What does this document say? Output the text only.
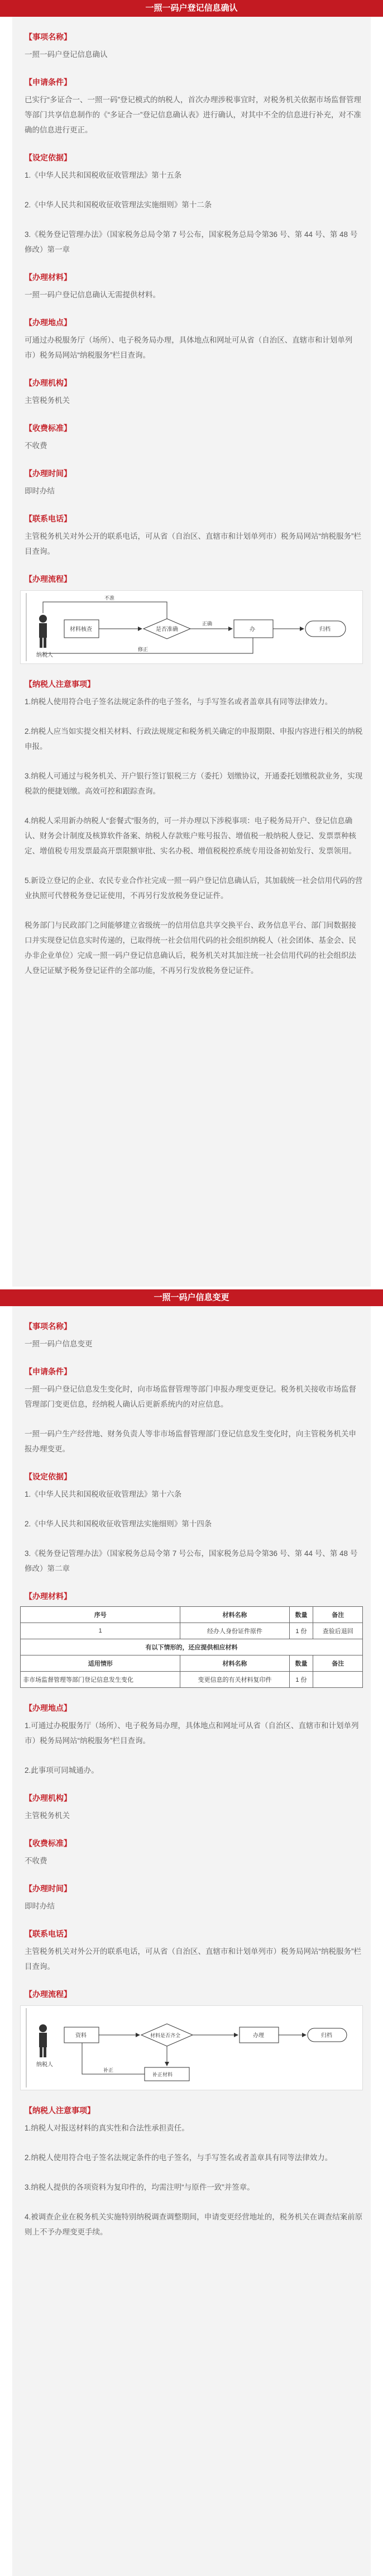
一照一码户登记信息确认
【事项名称】
一照一码户登记信息确认
【申请条件】
已实行“多证合一、一照一码”登记模式的纳税人，首次办理涉税事宜时，对税务机关依据市场监督管理等部门共享信息制作的《“多证合一”登记信息确认表》进行确认，对其中不全的信息进行补充，对不准确的信息进行更正。
【设定依据】
1.《中华人民共和国税收征收管理法》第十五条
2.《中华人民共和国税收征收管理法实施细则》第十二条
3.《税务登记管理办法》（国家税务总局令第 7 号公布，国家税务总局令第36 号、第 44 号、第 48 号修改）第一章
【办理材料】
一照一码户登记信息确认无需提供材料。
【办理地点】
可通过办税服务厅（场所）、电子税务局办理，具体地点和网址可从省（自治区、直辖市和计划单列市）税务局网站“纳税服务”栏目查询。
【办理机构】
主管税务机关
【收费标准】
不收费
【办理时间】
即时办结
【联系电话】
主管税务机关对外公开的联系电话，可从省（自治区、直辖市和计划单列市）税务局网站“纳税服务”栏目查询。
【办理流程】
纳税人
材料核查	是否准确
正确
办	归档
不准
修正
【纳税人注意事项】
1.纳税人使用符合电子签名法规定条件的电子签名，与手写签名或者盖章具有同等法律效力。
2.纳税人应当如实提交相关材料、行政法规规定和税务机关确定的申报期限、申报内容进行相关的纳税申报。
3.纳税人可通过与税务机关、开户银行签订银税三方（委托）划缴协议，开通委托划缴税款业务，实现税款的便捷划缴。高效可控和跟踪查询。
4.纳税人采用新办纳税人“套餐式”服务的，可一并办理以下涉税事项：电子税务局开户、登记信息确认、财务会计制度及核算软件备案、纳税人存款账户账号报告、增值税一般纳税人登记、发票票种核定、增值税专用发票最高开票限额审批、实名办税、增值税税控系统专用设备初始发行、发票领用。
5.新设立登记的企业、农民专业合作社完成一照一码户登记信息确认后，其加载统一社会信用代码的营业执照可代替税务登记证使用，不再另行发放税务登记证件。
税务部门与民政部门之间能够建立省级统一的信用信息共享交换平台、政务信息平台、部门间数据接口并实现登记信息实时传递的，已取得统一社会信用代码的社会组织纳税人（社会团体、基金会、民办非企业单位）完成一照一码户登记信息确认后，税务机关对其加注统一社会信用代码的社会组织法人登记证赋予税务登记证件的全部功能，不再另行发放税务登记证件。
一照一码户信息变更
【事项名称】
一照一码户信息变更
【申请条件】
一照一码户登记信息发生变化时，向市场监督管理等部门申报办理变更登记。税务机关接收市场监督管理部门变更信息，经纳税人确认后更新系统内的对应信息。
一照一码户生产经营地、财务负责人等非市场监督管理部门登记信息发生变化时，向主管税务机关申报办理变更。
【设定依据】
1.《中华人民共和国税收征收管理法》第十六条
2.《中华人民共和国税收征收管理法实施细则》第十四条
3.《税务登记管理办法》（国家税务总局令第 7 号公布，国家税务总局令第36 号、第 44 号、第 48 号修改）第二章
【办理材料】
序号	材料名称	数量	备注
1	经办人身份证件原件	1 份	查验后退回
有以下情形的，还应提供相应材料			
适用情形	材料名称	数量	备注
非市场监督管理等部门登记信息发生变化	变更信息的有关材料复印件	1 份	
【办理地点】
1.可通过办税服务厅（场所）、电子税务局办理，具体地点和网址可从省（自治区、直辖市和计划单列市）税务局网站“纳税服务”栏目查询。
2.此事项可同城通办。
【办理机构】
主管税务机关
【收费标准】
不收费
【办理时间】
即时办结
【联系电话】
主管税务机关对外公开的联系电话，可从省（自治区、直辖市和计划单列市）税务局网站“纳税服务”栏目查询。
【办理流程】
纳税人
资料	材料是否齐全	办理	归档
补正材料
补正
【纳税人注意事项】
1.纳税人对报送材料的真实性和合法性承担责任。
2.纳税人使用符合电子签名法规定条件的电子签名，与手写签名或者盖章具有同等法律效力。
3.纳税人提供的各项资料为复印件的，均需注明“与原件一致”并签章。
4.被调查企业在税务机关实施特别纳税调查调整期间，申请变更经营地址的，税务机关在调查结案前原则上不予办理变更手续。
